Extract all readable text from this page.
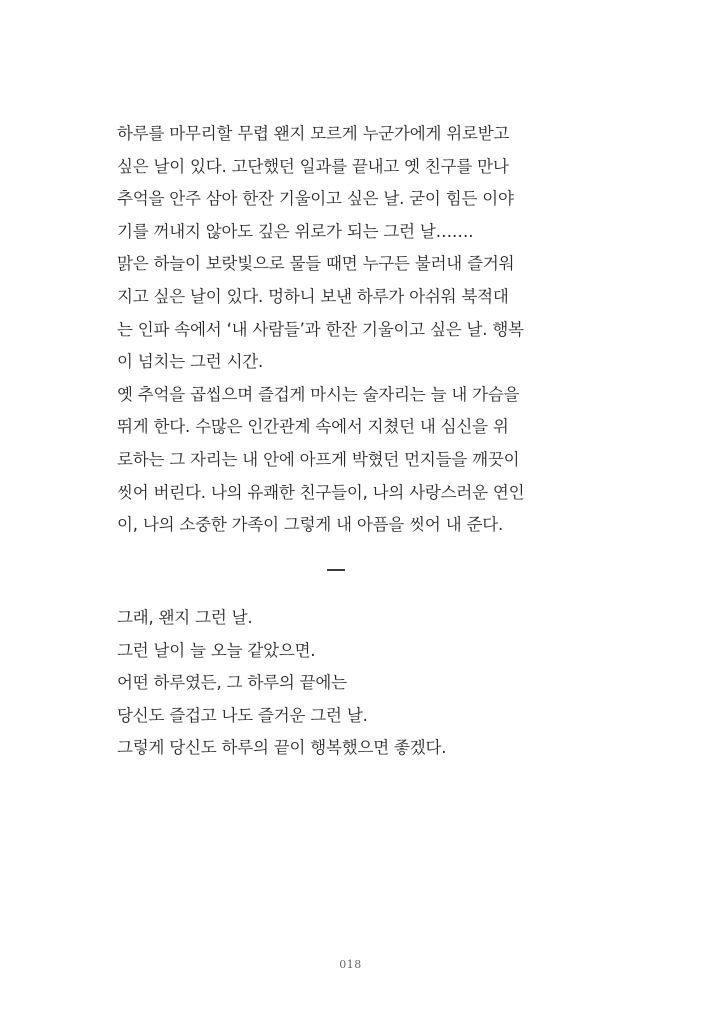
하루를 마무리할 무렵 왠지 모르게 누군가에게 위로받고
싶은 날이 있다. 고단했던 일과를 끝내고 옛 친구를 만나
추억을 안주 삼아 한잔 기울이고 싶은 날. 굳이 힘든 이야
기를 꺼내지 않아도 깊은 위로가 되는 그런 날…….
맑은 하늘이 보랏빛으로 물들 때면 누구든 불러내 즐거워
지고 싶은 날이 있다. 멍하니 보낸 하루가 아쉬워 북적대
는 인파 속에서 ‘내 사람들’과 한잔 기울이고 싶은 날. 행복
이 넘치는 그런 시간.
옛 추억을 곱씹으며 즐겁게 마시는 술자리는 늘 내 가슴을
뛰게 한다. 수많은 인간관계 속에서 지쳤던 내 심신을 위
로하는 그 자리는 내 안에 아프게 박혔던 먼지들을 깨끗이
씻어 버린다. 나의 유쾌한 친구들이, 나의 사랑스러운 연인
이, 나의 소중한 가족이 그렇게 내 아픔을 씻어 내 준다.
그래, 왠지 그런 날.
그런 날이 늘 오늘 같았으면.
어떤 하루였든, 그 하루의 끝에는
당신도 즐겁고 나도 즐거운 그런 날.
그렇게 당신도 하루의 끝이 행복했으면 좋겠다.
018
